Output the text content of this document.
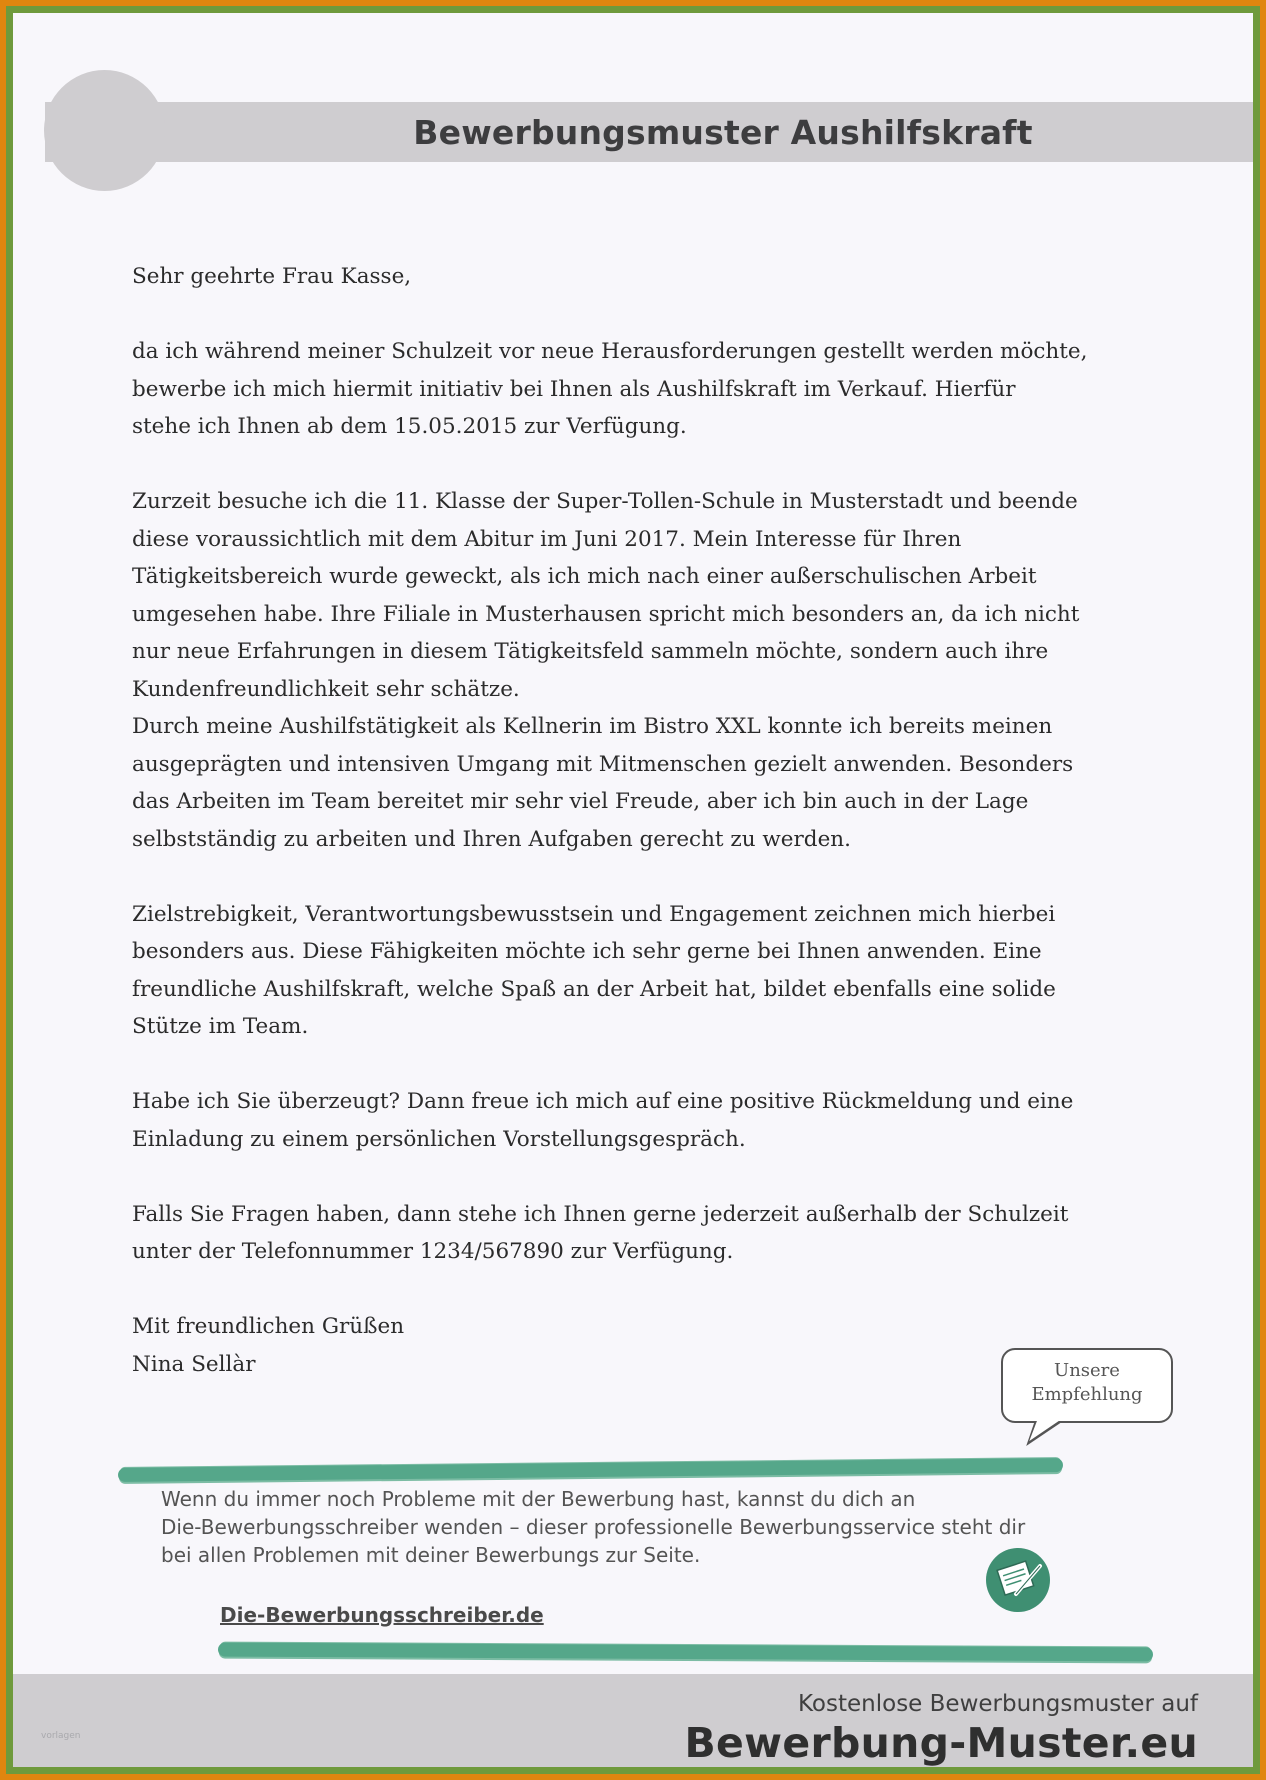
Bewerbungsmuster Aushilfskraft

Sehr geehrte Frau Kasse,

da ich während meiner Schulzeit vor neue Herausforderungen gestellt werden möchte,
bewerbe ich mich hiermit initiativ bei Ihnen als Aushilfskraft im Verkauf. Hierfür
stehe ich Ihnen ab dem 15.05.2015 zur Verfügung.

Zurzeit besuche ich die 11. Klasse der Super-Tollen-Schule in Musterstadt und beende
diese voraussichtlich mit dem Abitur im Juni 2017. Mein Interesse für Ihren
Tätigkeitsbereich wurde geweckt, als ich mich nach einer außerschulischen Arbeit
umgesehen habe. Ihre Filiale in Musterhausen spricht mich besonders an, da ich nicht
nur neue Erfahrungen in diesem Tätigkeitsfeld sammeln möchte, sondern auch ihre
Kundenfreundlichkeit sehr schätze.

Durch meine Aushilfstätigkeit als Kellnerin im Bistro XXL konnte ich bereits meinen
ausgeprägten und intensiven Umgang mit Mitmenschen gezielt anwenden. Besonders
das Arbeiten im Team bereitet mir sehr viel Freude, aber ich bin auch in der Lage
selbstständig zu arbeiten und Ihren Aufgaben gerecht zu werden.

Zielstrebigkeit, Verantwortungsbewusstsein und Engagement zeichnen mich hierbei
besonders aus. Diese Fähigkeiten möchte ich sehr gerne bei Ihnen anwenden. Eine
freundliche Aushilfskraft, welche Spaß an der Arbeit hat, bildet ebenfalls eine solide
Stütze im Team.

Habe ich Sie überzeugt? Dann freue ich mich auf eine positive Rückmeldung und eine
Einladung zu einem persönlichen Vorstellungsgespräch.

Falls Sie Fragen haben, dann stehe ich Ihnen gerne jederzeit außerhalb der Schulzeit
unter der Telefonnummer 1234/567890 zur Verfügung.

Mit freundlichen Grüßen
Nina Sellàr	Unsere
Empfehlung
Wenn du immer noch Probleme mit der Bewerbung hast, kannst du dich an
Die-Bewerbungsschreiber wenden – dieser professionelle Bewerbungsservice steht dir
bei allen Problemen mit deiner Bewerbungs zur Seite.
Die-Bewerbungsschreiber.de
vorlagen
Kostenlose Bewerbungsmuster auf
Bewerbung-Muster.eu
